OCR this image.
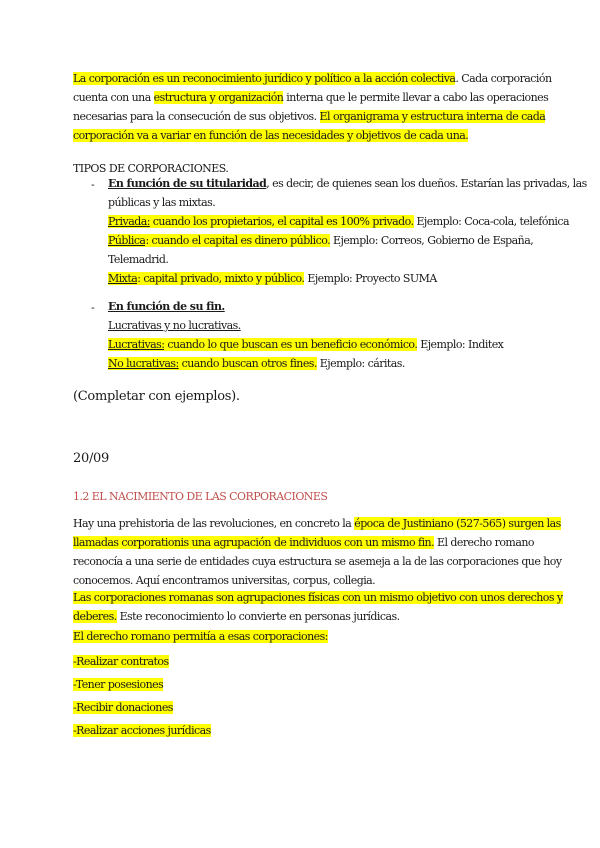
La corporación es un reconocimiento jurídico y político a la acción colectiva. Cada corporación

cuenta con una estructura y organización interna que le permite llevar a cabo las operaciones

necesarias para la consecución de sus objetivos. El organigrama y estructura interna de cada

corporación va a variar en función de las necesidades y objetivos de cada una.

TIPOS DE CORPORACIONES.
- En función de su titularidad, es decir, de quienes sean los dueños. Estarían las privadas, las

públicas y las mixtas.

Privada: cuando los propietarios, el capital es 100% privado. Ejemplo: Coca-cola, telefónica

Pública: cuando el capital es dinero público. Ejemplo: Correos, Gobierno de España,

Telemadrid.

Mixta: capital privado, mixto y público. Ejemplo: Proyecto SUMA

- En función de su fin.

Lucrativas y no lucrativas.

Lucrativas: cuando lo que buscan es un beneficio económico. Ejemplo: Inditex

No lucrativas: cuando buscan otros fines. Ejemplo: cáritas.

(Completar con ejemplos).
20/09
1.2 EL NACIMIENTO DE LAS CORPORACIONES

Hay una prehistoria de las revoluciones, en concreto la época de Justiniano (527-565) surgen las

llamadas corporationis una agrupación de individuos con un mismo fin. El derecho romano

reconocía a una serie de entidades cuya estructura se asemeja a la de las corporaciones que hoy

conocemos. Aquí encontramos universitas, corpus, collegia.

Las corporaciones romanas son agrupaciones físicas con un mismo objetivo con unos derechos y

deberes. Este reconocimiento lo convierte en personas jurídicas.

El derecho romano permitía a esas corporaciones:
-Realizar contratos
-Tener posesiones
-Recibir donaciones
-Realizar acciones jurídicas
